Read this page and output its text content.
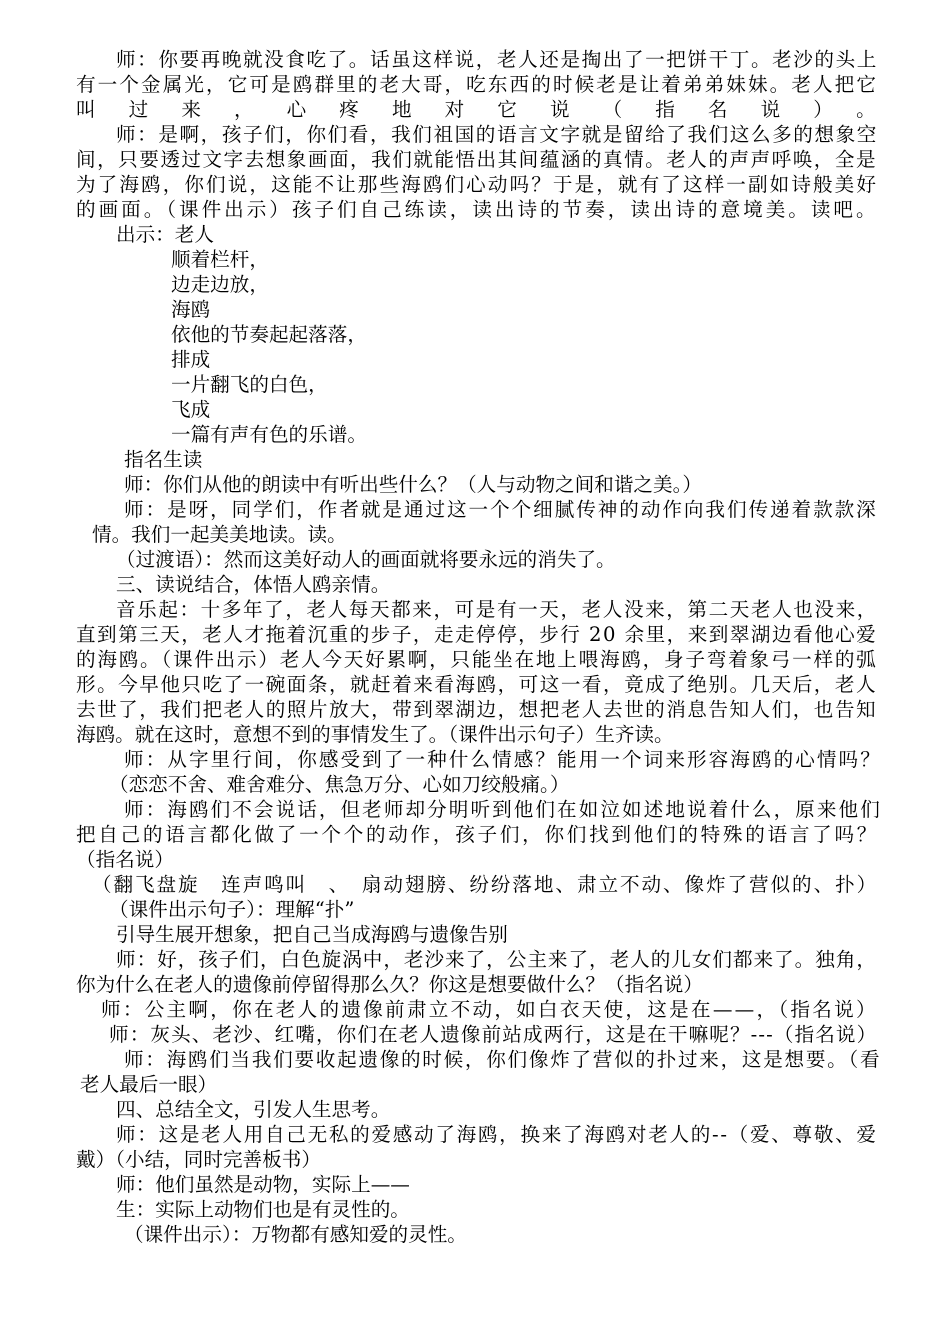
师：你要再晚就没食吃了。话虽这样说，老人还是掏出了一把饼干丁。老沙的头上
有一个金属光，它可是鸥群里的老大哥，吃东西的时候老是让着弟弟妹妹。老人把它
叫过来，心疼地对它说（指名说）。
师：是啊，孩子们，你们看，我们祖国的语言文字就是留给了我们这么多的想象空
间，只要透过文字去想象画面，我们就能悟出其间蕴涵的真情。老人的声声呼唤，全是
为了海鸥，你们说，这能不让那些海鸥们心动吗？于是，就有了这样一副如诗般美好
的画面。（课件出示）孩子们自己练读，读出诗的节奏，读出诗的意境美。读吧。
出示：老人
顺着栏杆，
边走边放，
海鸥
依他的节奏起起落落，
排成
一片翻飞的白色，
飞成
一篇有声有色的乐谱。
指名生读
师：你们从他的朗读中有听出些什么？（人与动物之间和谐之美。）
师：是呀，同学们，作者就是通过这一个个细腻传神的动作向我们传递着款款深
情。我们一起美美地读。读。
（过渡语）：然而这美好动人的画面就将要永远的消失了。
三、读说结合，体悟人鸥亲情。
音乐起：十多年了，老人每天都来，可是有一天，老人没来，第二天老人也没来，
直到第三天，老人才拖着沉重的步子，走走停停，步行 20 余里，来到翠湖边看他心爱
的海鸥。（课件出示）老人今天好累啊，只能坐在地上喂海鸥，身子弯着象弓一样的弧
形。今早他只吃了一碗面条，就赶着来看海鸥，可这一看，竟成了绝别。几天后，老人
去世了，我们把老人的照片放大，带到翠湖边，想把老人去世的消息告知人们，也告知
海鸥。就在这时，意想不到的事情发生了。（课件出示句子）生齐读。
师：从字里行间，你感受到了一种什么情感？能用一个词来形容海鸥的心情吗？
（恋恋不舍、难舍难分、焦急万分、心如刀绞般痛。）
师：海鸥们不会说话，但老师却分明听到他们在如泣如述地说着什么，原来他们
把自己的语言都化做了一个个的动作，孩子们，你们找到他们的特殊的语言了吗？
（指名说）
（翻飞盘旋　连声鸣叫　、　扇动翅膀、纷纷落地、肃立不动、像炸了营似的、扑）
（课件出示句子）：理解“扑”
引导生展开想象，把自己当成海鸥与遗像告别
师：好，孩子们，白色旋涡中，老沙来了，公主来了，老人的儿女们都来了。独角，
你为什么在老人的遗像前停留得那么久？你这是想要做什么？（指名说）
师：公主啊，你在老人的遗像前肃立不动，如白衣天使，这是在——，（指名说）
师：灰头、老沙、红嘴，你们在老人遗像前站成两行，这是在干嘛呢？---（指名说）
师：海鸥们当我们要收起遗像的时候，你们像炸了营似的扑过来，这是想要。（看
老人最后一眼）
四、总结全文，引发人生思考。
师：这是老人用自己无私的爱感动了海鸥，换来了海鸥对老人的--（爱、尊敬、爱
戴）（小结，同时完善板书）
师：他们虽然是动物，实际上——
生：实际上动物们也是有灵性的。
（课件出示）：万物都有感知爱的灵性。
